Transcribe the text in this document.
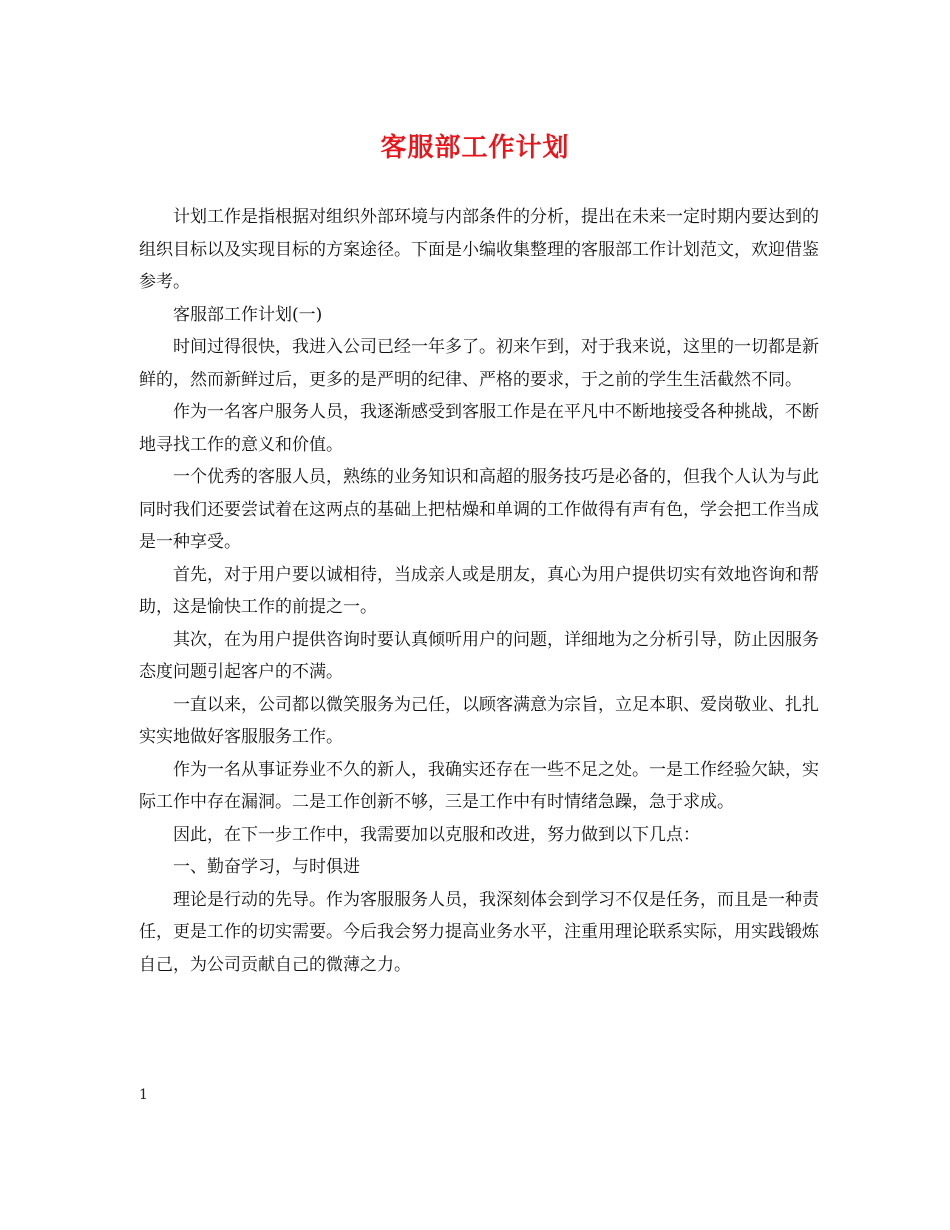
客服部工作计划

计划工作是指根据对组织外部环境与内部条件的分析，提出在未来一定时期内要达到的组织目标以及实现目标的方案途径。下面是小编收集整理的客服部工作计划范文，欢迎借鉴参考。

客服部工作计划(一)

时间过得很快，我进入公司已经一年多了。初来乍到，对于我来说，这里的一切都是新鲜的，然而新鲜过后，更多的是严明的纪律、严格的要求，于之前的学生生活截然不同。

作为一名客户服务人员，我逐渐感受到客服工作是在平凡中不断地接受各种挑战，不断地寻找工作的意义和价值。

一个优秀的客服人员，熟练的业务知识和高超的服务技巧是必备的，但我个人认为与此同时我们还要尝试着在这两点的基础上把枯燥和单调的工作做得有声有色，学会把工作当成是一种享受。

首先，对于用户要以诚相待，当成亲人或是朋友，真心为用户提供切实有效地咨询和帮助，这是愉快工作的前提之一。

其次，在为用户提供咨询时要认真倾听用户的问题，详细地为之分析引导，防止因服务态度问题引起客户的不满。

一直以来，公司都以微笑服务为己任，以顾客满意为宗旨，立足本职、爱岗敬业、扎扎实实地做好客服服务工作。

作为一名从事证券业不久的新人，我确实还存在一些不足之处。一是工作经验欠缺，实际工作中存在漏洞。二是工作创新不够，三是工作中有时情绪急躁，急于求成。

因此，在下一步工作中，我需要加以克服和改进，努力做到以下几点：

一、勤奋学习，与时俱进

理论是行动的先导。作为客服服务人员，我深刻体会到学习不仅是任务，而且是一种责任，更是工作的切实需要。今后我会努力提高业务水平，注重用理论联系实际，用实践锻炼自己，为公司贡献自己的微薄之力。

1
